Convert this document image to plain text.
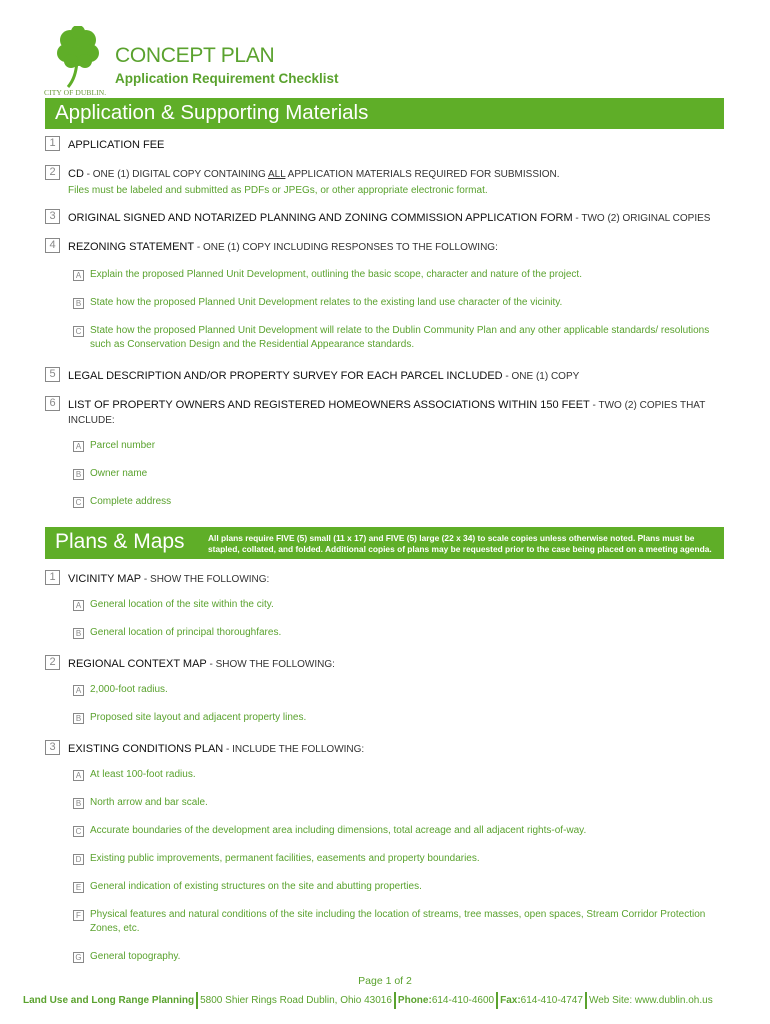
CITY OF DUBLIN.
CONCEPT PLAN
Application Requirement Checklist
Application & Supporting Materials
1	APPLICATION FEE
2	CD - ONE (1) DIGITAL COPY CONTAINING ALL APPLICATION MATERIALS REQUIRED FOR SUBMISSION.
Files must be labeled and submitted as PDFs or JPEGs, or other appropriate electronic format.
3	ORIGINAL SIGNED AND NOTARIZED PLANNING AND ZONING COMMISSION APPLICATION FORM - TWO (2) ORIGINAL COPIES
4	REZONING STATEMENT - ONE (1) COPY INCLUDING RESPONSES TO THE FOLLOWING:
A Explain the proposed Planned Unit Development, outlining the basic scope, character and nature of the project.
B State how the proposed Planned Unit Development relates to the existing land use character of the vicinity.
C State how the proposed Planned Unit Development will relate to the Dublin Community Plan and any other applicable standards/ resolutions such as Conservation Design and the Residential Appearance standards.
5	LEGAL DESCRIPTION AND/OR PROPERTY SURVEY FOR EACH PARCEL INCLUDED - ONE (1) COPY
6	LIST OF PROPERTY OWNERS AND REGISTERED HOMEOWNERS ASSOCIATIONS WITHIN 150 FEET - TWO (2) COPIES THAT INCLUDE:
A Parcel number
B Owner name
C Complete address
Plans & Maps	All plans require FIVE (5) small (11 x 17) and FIVE (5) large (22 x 34) to scale copies unless otherwise noted. Plans must be stapled, collated, and folded. Additional copies of plans may be requested prior to the case being placed on a meeting agenda.
1	VICINITY MAP - SHOW THE FOLLOWING:
A General location of the site within the city.
B General location of principal thoroughfares.
2	REGIONAL CONTEXT MAP - SHOW THE FOLLOWING:
A 2,000-foot radius.
B Proposed site layout and adjacent property lines.
3	EXISTING CONDITIONS PLAN - INCLUDE THE FOLLOWING:
A At least 100-foot radius.
B North arrow and bar scale.
C Accurate boundaries of the development area including dimensions, total acreage and all adjacent rights-of-way.
D Existing public improvements, permanent facilities, easements and property boundaries.
E General indication of existing structures on the site and abutting properties.
F Physical features and natural conditions of the site including the location of streams, tree masses, open spaces, Stream Corridor Protection Zones, etc.
G General topography.
Page 1 of 2
Land Use and Long Range Planning 5800 Shier Rings Road Dublin, Ohio 43016 Phone:614-410-4600 Fax:614-410-4747 Web Site: www.dublin.oh.us
